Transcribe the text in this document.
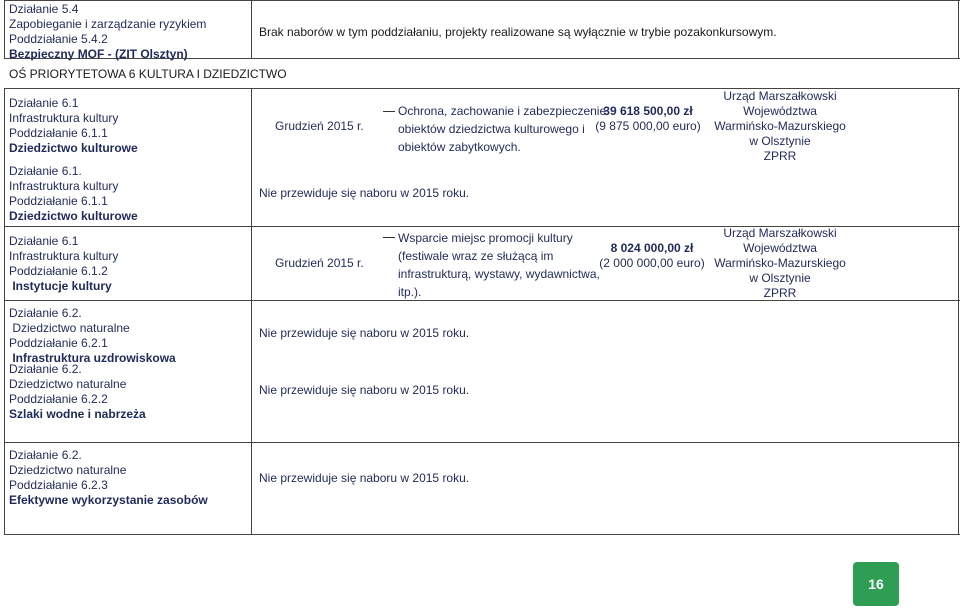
Działanie 5.4
Zapobieganie i zarządzanie ryzykiem
Poddziałanie 5.4.2
Bezpieczny MOF - (ZIT Olsztyn)
Brak naborów w tym poddziałaniu, projekty realizowane są wyłącznie w trybie pozakonkursowym.
OŚ PRIORYTETOWA 6 KULTURA I DZIEDZICTWO
Działanie 6.1
Infrastruktura kultury
Poddziałanie 6.1.1
Dziedzictwo kulturowe
Grudzień 2015 r.
Ochrona, zachowanie i zabezpieczenie
obiektów dziedzictwa kulturowego i
obiektów zabytkowych.
39 618 500,00 zł
(9 875 000,00 euro)
Urząd Marszałkowski
Województwa
Warmińsko-Mazurskiego
w Olsztynie
ZPRR
Działanie 6.1.
Infrastruktura kultury
Poddziałanie 6.1.1
Dziedzictwo kulturowe
Nie przewiduje się naboru w 2015 roku.
Działanie 6.1
Infrastruktura kultury
Poddziałanie 6.1.2
Instytucje kultury
Grudzień 2015 r.
Wsparcie miejsc promocji kultury
(festiwale wraz ze służącą im
infrastrukturą, wystawy, wydawnictwa,
itp.).
8 024 000,00 zł
(2 000 000,00 euro)
Urząd Marszałkowski
Województwa
Warmińsko-Mazurskiego
w Olsztynie
ZPRR
Działanie 6.2.
Dziedzictwo naturalne
Poddziałanie 6.2.1
Infrastruktura uzdrowiskowa
Nie przewiduje się naboru w 2015 roku.
Działanie 6.2.
Dziedzictwo naturalne
Poddziałanie 6.2.2
Szlaki wodne i nabrzeża
Nie przewiduje się naboru w 2015 roku.
Działanie 6.2.
Dziedzictwo naturalne
Poddziałanie 6.2.3
Efektywne wykorzystanie zasobów
Nie przewiduje się naboru w 2015 roku.
16
